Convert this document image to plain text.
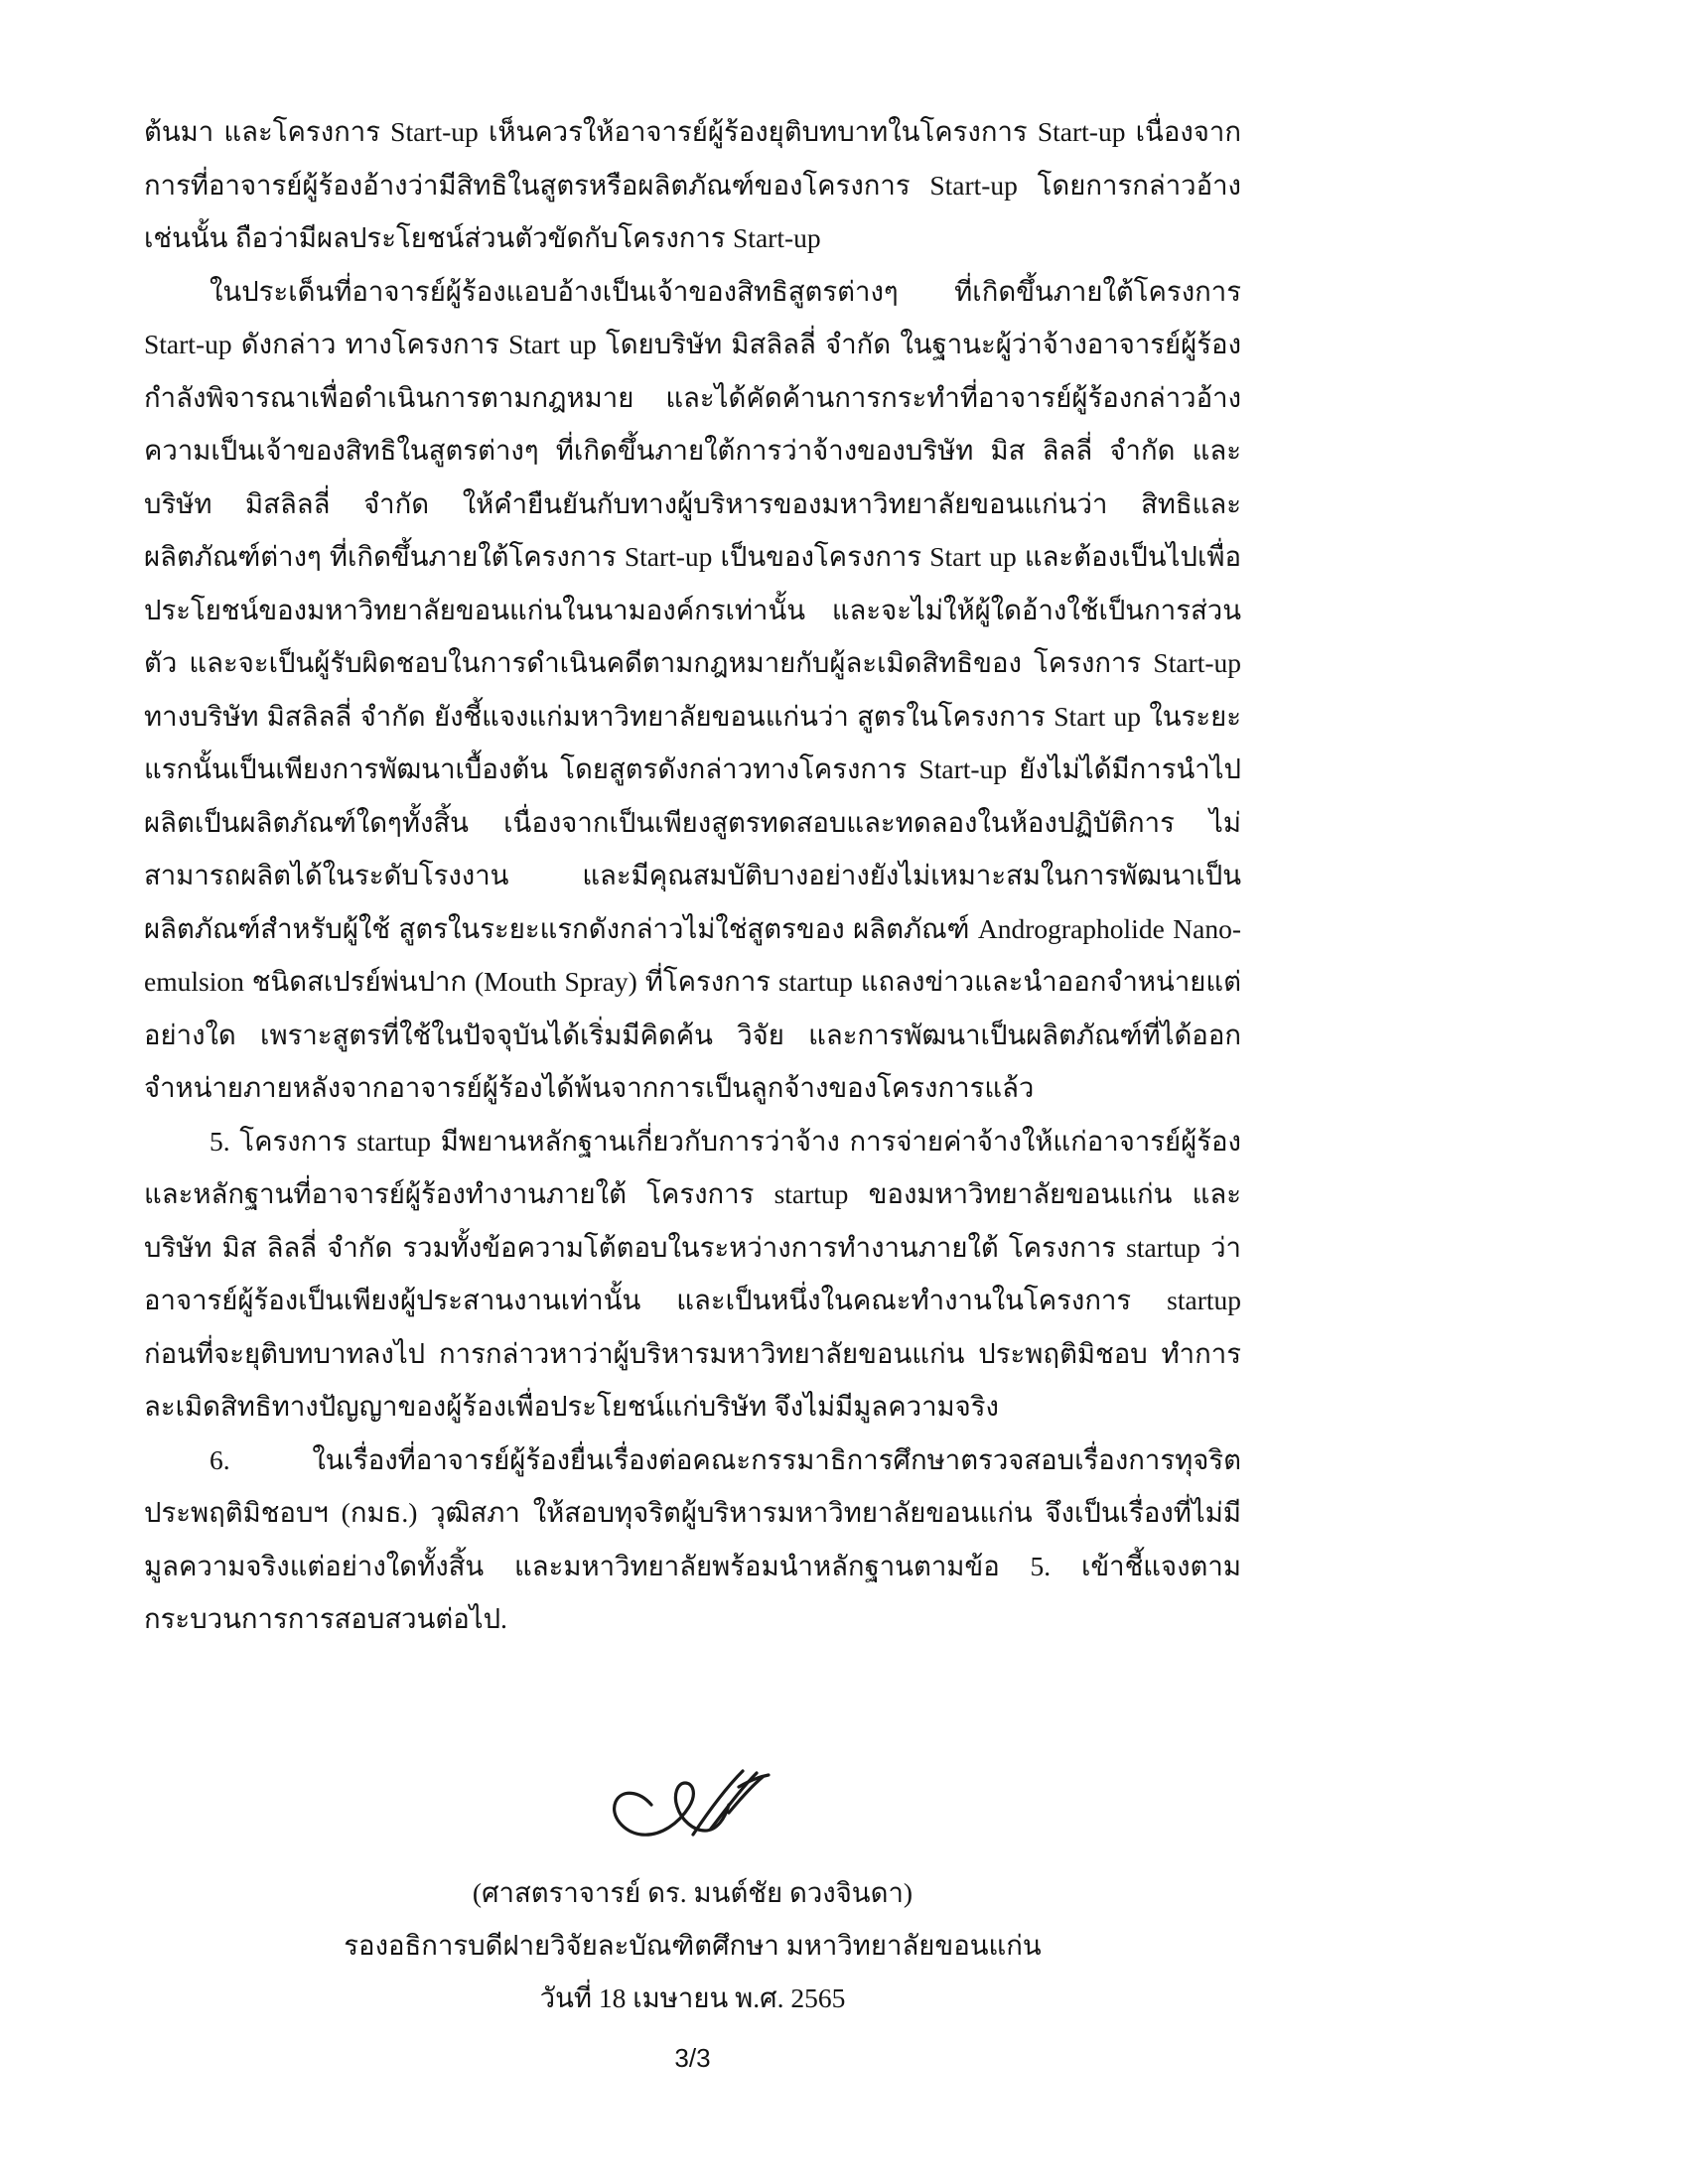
ต้นมา และโครงการ Start-up เห็นควรให้อาจารย์ผู้ร้องยุติบทบาทในโครงการ Start-up เนื่องจากการที่อาจารย์ผู้ร้องอ้างว่ามีสิทธิในสูตรหรือผลิตภัณฑ์ของโครงการ Start-up โดยการกล่าวอ้างเช่นนั้น ถือว่ามีผลประโยชน์ส่วนตัวขัดกับโครงการ Start-up

ในประเด็นที่อาจารย์ผู้ร้องแอบอ้างเป็นเจ้าของสิทธิสูตรต่างๆ ที่เกิดขึ้นภายใต้โครงการ Start-up ดังกล่าว ทางโครงการ Start up โดยบริษัท มิสลิลลี่ จำกัด ในฐานะผู้ว่าจ้างอาจารย์ผู้ร้องกำลังพิจารณาเพื่อดำเนินการตามกฎหมาย และได้คัดค้านการกระทำที่อาจารย์ผู้ร้องกล่าวอ้างความเป็นเจ้าของสิทธิในสูตรต่างๆ ที่เกิดขึ้นภายใต้การว่าจ้างของบริษัท มิส ลิลลี่ จำกัด และบริษัท มิสลิลลี่ จำกัด ให้คำยืนยันกับทางผู้บริหารของมหาวิทยาลัยขอนแก่นว่า สิทธิและผลิตภัณฑ์ต่างๆ ที่เกิดขึ้นภายใต้โครงการ Start-up เป็นของโครงการ Start up และต้องเป็นไปเพื่อประโยชน์ของมหาวิทยาลัยขอนแก่นในนามองค์กรเท่านั้น และจะไม่ให้ผู้ใดอ้างใช้เป็นการส่วนตัว และจะเป็นผู้รับผิดชอบในการดำเนินคดีตามกฎหมายกับผู้ละเมิดสิทธิของ โครงการ Start-up ทางบริษัท มิสลิลลี่ จำกัด ยังชี้แจงแก่มหาวิทยาลัยขอนแก่นว่า สูตรในโครงการ Start up ในระยะแรกนั้นเป็นเพียงการพัฒนาเบื้องต้น โดยสูตรดังกล่าวทางโครงการ Start-up ยังไม่ได้มีการนำไปผลิตเป็นผลิตภัณฑ์ใดๆทั้งสิ้น เนื่องจากเป็นเพียงสูตรทดสอบและทดลองในห้องปฏิบัติการ ไม่สามารถผลิตได้ในระดับโรงงาน และมีคุณสมบัติบางอย่างยังไม่เหมาะสมในการพัฒนาเป็นผลิตภัณฑ์สำหรับผู้ใช้ สูตรในระยะแรกดังกล่าวไม่ใช่สูตรของ ผลิตภัณฑ์ Andrographolide Nano-emulsion ชนิดสเปรย์พ่นปาก (Mouth Spray) ที่โครงการ startup แถลงข่าวและนำออกจำหน่ายแต่อย่างใด เพราะสูตรที่ใช้ในปัจจุบันได้เริ่มมีคิดค้น วิจัย และการพัฒนาเป็นผลิตภัณฑ์ที่ได้ออกจำหน่ายภายหลังจากอาจารย์ผู้ร้องได้พ้นจากการเป็นลูกจ้างของโครงการแล้ว

5. โครงการ startup มีพยานหลักฐานเกี่ยวกับการว่าจ้าง การจ่ายค่าจ้างให้แก่อาจารย์ผู้ร้อง และหลักฐานที่อาจารย์ผู้ร้องทำงานภายใต้ โครงการ startup ของมหาวิทยาลัยขอนแก่น และบริษัท มิส ลิลลี่ จำกัด รวมทั้งข้อความโต้ตอบในระหว่างการทำงานภายใต้ โครงการ startup ว่าอาจารย์ผู้ร้องเป็นเพียงผู้ประสานงานเท่านั้น และเป็นหนึ่งในคณะทำงานในโครงการ startup ก่อนที่จะยุติบทบาทลงไป การกล่าวหาว่าผู้บริหารมหาวิทยาลัยขอนแก่น ประพฤติมิชอบ ทำการละเมิดสิทธิทางปัญญาของผู้ร้องเพื่อประโยชน์แก่บริษัท จึงไม่มีมูลความจริง

6. ในเรื่องที่อาจารย์ผู้ร้องยื่นเรื่องต่อคณะกรรมาธิการศึกษาตรวจสอบเรื่องการทุจริตประพฤติมิชอบฯ (กมธ.) วุฒิสภา ให้สอบทุจริตผู้บริหารมหาวิทยาลัยขอนแก่น จึงเป็นเรื่องที่ไม่มีมูลความจริงแต่อย่างใดทั้งสิ้น และมหาวิทยาลัยพร้อมนำหลักฐานตามข้อ 5. เข้าชี้แจงตามกระบวนการการสอบสวนต่อไป.

(ศาสตราจารย์ ดร. มนต์ชัย ดวงจินดา)
รองอธิการบดีฝายวิจัยละบัณฑิตศึกษา มหาวิทยาลัยขอนแก่น
วันที่ 18 เมษายน พ.ศ. 2565
3/3
